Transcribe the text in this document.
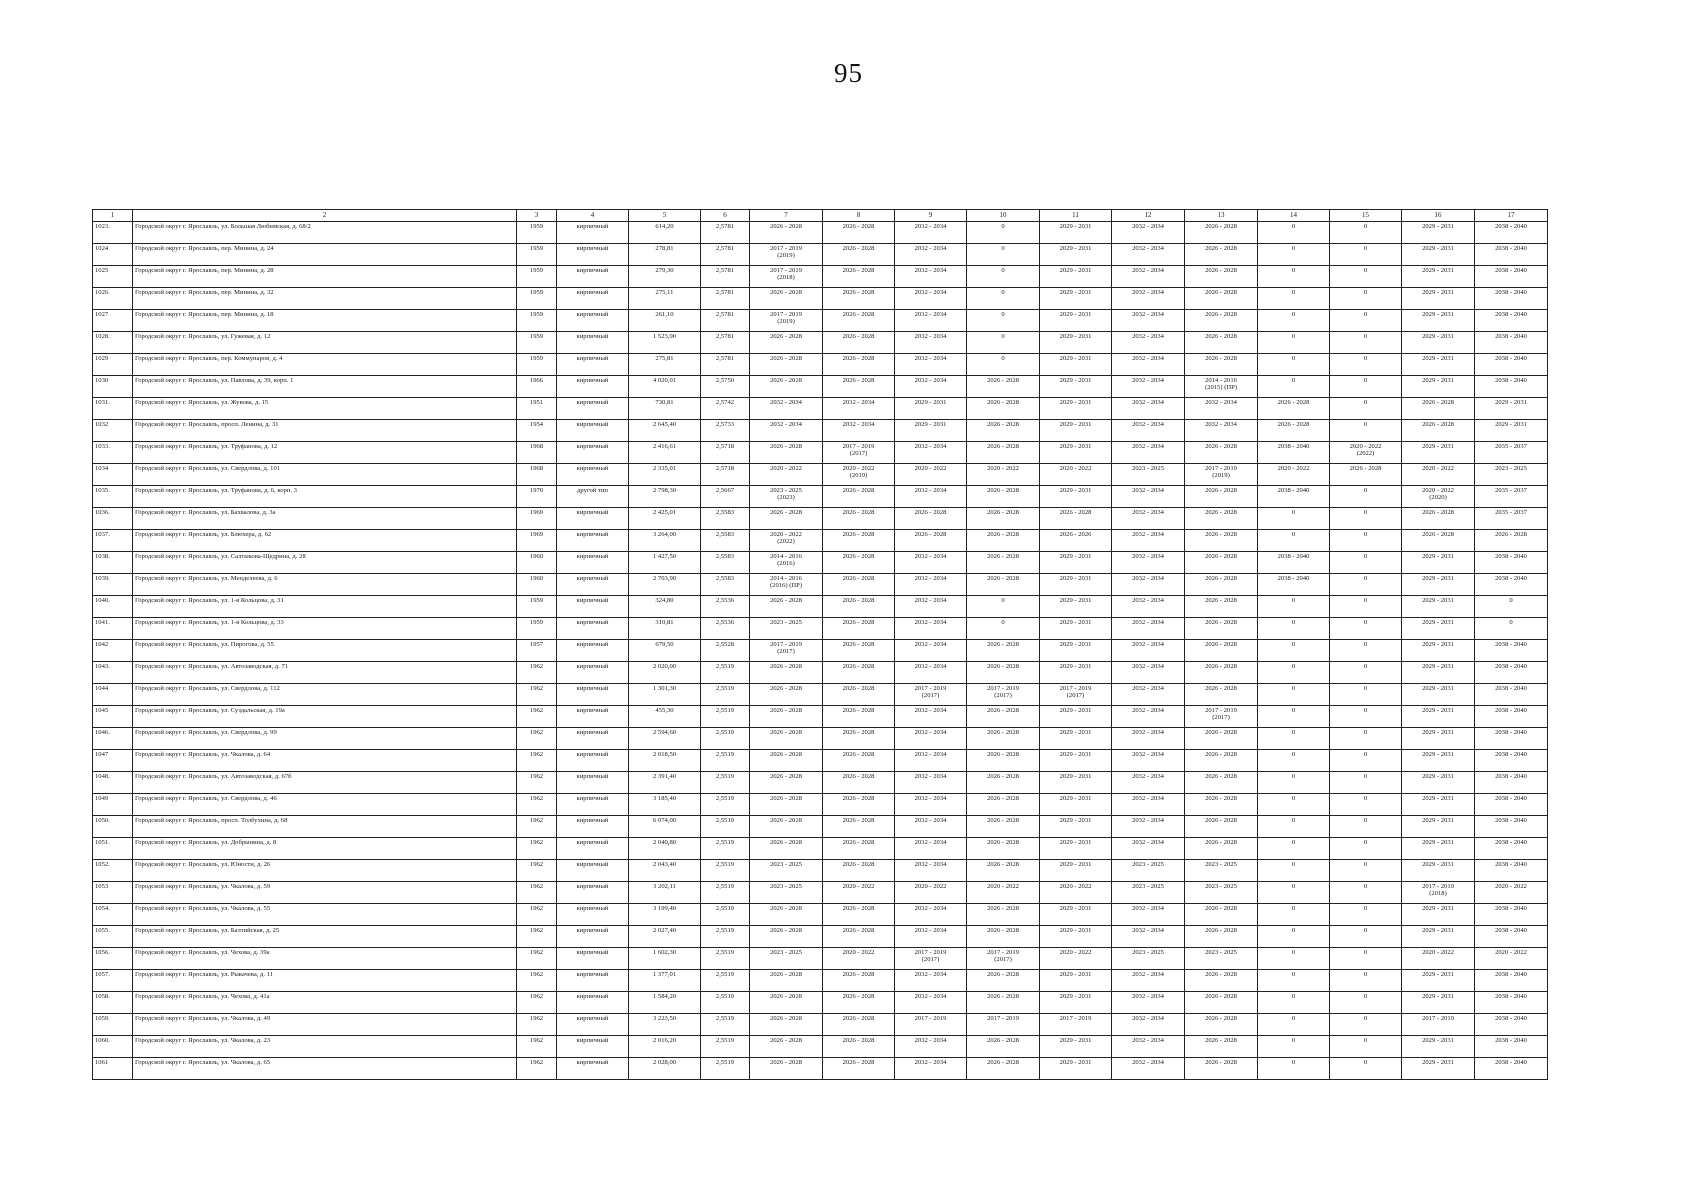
95
1	2	3	4	5	6	7	8	9	10	11	12	13	14	15	16	17
1023.	Городской округ г. Ярославль, ул. Большая Любимская, д. 68/2	1959	кирпичный	614,20	2,5781	2026 - 2028	2026 - 2028	2032 - 2034	0	2029 - 2031	2032 - 2034	2026 - 2028	0	0	2029 - 2031	2038 - 2040
1024	Городской округ г. Ярославль, пер. Минина, д. 24	1959	кирпичный	278,81	2,5781	2017 - 2019
(2019)	2026 - 2028	2032 - 2034	0	2029 - 2031	2032 - 2034	2026 - 2028	0	0	2029 - 2031	2038 - 2040
1025	Городской округ г. Ярославль, пер. Минина, д. 28	1959	кирпичный	279,30	2,5781	2017 - 2019
(2018)	2026 - 2028	2032 - 2034	0	2029 - 2031	2032 - 2034	2026 - 2028	0	0	2029 - 2031	2038 - 2040
1026.	Городской округ г. Ярославль, пер. Минина, д. 32	1959	кирпичный	275,11	2,5781	2026 - 2028	2026 - 2028	2032 - 2034	0	2029 - 2031	2032 - 2034	2026 - 2028	0	0	2029 - 2031	2038 - 2040
1027	Городской округ г. Ярославль, пер. Минина, д. 18	1959	кирпичный	261,10	2,5781	2017 - 2019
(2019)	2026 - 2028	2032 - 2034	0	2029 - 2031	2032 - 2034	2026 - 2028	0	0	2029 - 2031	2038 - 2040
1028.	Городской округ г. Ярославль, ул. Гужевая, д. 12	1959	кирпичный	1 523,90	2,5781	2026 - 2028	2026 - 2028	2032 - 2034	0	2029 - 2031	2032 - 2034	2026 - 2028	0	0	2029 - 2031	2038 - 2040
1029	Городской округ г. Ярославль, пер. Коммунаров, д. 4	1959	кирпичный	275,81	2,5781	2026 - 2028	2026 - 2028	2032 - 2034	0	2029 - 2031	2032 - 2034	2026 - 2028	0	0	2029 - 2031	2038 - 2040
1030	Городской округ г. Ярославль, ул. Павлова, д. 39, корп. 1	1966	кирпичный	4 020,01	2,5750	2026 - 2028	2026 - 2028	2032 - 2034	2026 - 2028	2029 - 2031	2032 - 2034	2014 - 2016
(2015) (ПР)	0	0	2029 - 2031	2038 - 2040
1031.	Городской округ г. Ярославль, ул. Жукова, д. 15	1951	кирпичный	730,81	2,5742	2032 - 2034	2032 - 2034	2029 - 2031	2026 - 2028	2029 - 2031	2032 - 2034	2032 - 2034	2026 - 2028	0	2026 - 2028	2029 - 2031
1032	Городской округ г. Ярославль, просп. Ленина, д. 31	1954	кирпичный	2 645,40	2,5733	2032 - 2034	2032 - 2034	2029 - 2031	2026 - 2028	2029 - 2031	2032 - 2034	2032 - 2034	2026 - 2028	0	2026 - 2028	2029 - 2031
1033.	Городской округ г. Ярославль, ул. Труфанова, д. 12	1968	кирпичный	2 416,61	2,5718	2026 - 2028	2017 - 2019
(2017)	2032 - 2034	2026 - 2028	2029 - 2031	2032 - 2034	2026 - 2028	2038 - 2040	2020 - 2022
(2022)	2029 - 2031	2035 - 2037
1034	Городской округ г. Ярославль, ул. Свердлова, д. 101	1968	кирпичный	2 335,01	2,5718	2020 - 2022	2020 - 2022
(2019)	2020 - 2022	2020 - 2022	2020 - 2022	2023 - 2025	2017 - 2019
(2019)	2020 - 2022	2026 - 2028	2020 - 2022	2023 - 2025
1035.	Городской округ г. Ярославль, ул. Труфанова, д. 6, корп. 3	1970	другой тип	2 798,30	2,5667	2023 - 2025
(2023)	2026 - 2028	2032 - 2034	2026 - 2028	2029 - 2031	2032 - 2034	2026 - 2028	2038 - 2040	0	2020 - 2022
(2020)	2035 - 2037
1036.	Городской округ г. Ярославль, ул. Бахвалова, д. 3а	1969	кирпичный	2 425,01	2,5583	2026 - 2028	2026 - 2028	2026 - 2028	2026 - 2028	2026 - 2028	2032 - 2034	2026 - 2028	0	0	2026 - 2028	2035 - 2037
1037.	Городской округ г. Ярославль, ул. Блюхера, д. 62	1969	кирпичный	3 264,00	2,5583	2020 - 2022
(2022)	2026 - 2028	2026 - 2028	2026 - 2028	2026 - 2026	2032 - 2034	2026 - 2028	0	0	2026 - 2028	2026 - 2028
1038.	Городской округ г. Ярославль, ул. Салтыкова-Щедрина, д. 28	1960	кирпичный	1 427,50	2,5583	2014 - 2016
(2016)	2026 - 2028	2032 - 2034	2026 - 2028	2029 - 2031	2032 - 2034	2026 - 2028	2038 - 2040	0	2029 - 2031	2038 - 2040
1039.	Городской округ г. Ярославль, ул. Менделеева, д. 6	1960	кирпичный	2 703,90	2,5583	2014 - 2016
(2016) (ПР)	2026 - 2028	2032 - 2034	2026 - 2028	2029 - 2031	2032 - 2034	2026 - 2028	2038 - 2040	0	2029 - 2031	2038 - 2040
1040.	Городской округ г. Ярославль, ул. 1-я Кольцова, д. 31	1959	кирпичный	324,80	2,5536	2026 - 2028	2026 - 2028	2032 - 2034	0	2029 - 2031	2032 - 2034	2026 - 2028	0	0	2029 - 2031	0
1041.	Городской округ г. Ярославль, ул. 1-я Кольцова, д. 33	1959	кирпичный	310,81	2,5536	2023 - 2025	2026 - 2028	2032 - 2034	0	2029 - 2031	2032 - 2034	2026 - 2028	0	0	2029 - 2031	0
1042	Городской округ г. Ярославль, ул. Пирогова, д. 55	1957	кирпичный	679,50	2,5528	2017 - 2019
(2017)	2026 - 2028	2032 - 2034	2026 - 2028	2029 - 2031	2032 - 2034	2026 - 2028	0	0	2029 - 2031	2038 - 2040
1043.	Городской округ г. Ярославль, ул. Автозаводская, д. 71	1962	кирпичный	2 020,00	2,5519	2026 - 2028	2026 - 2028	2032 - 2034	2026 - 2028	2029 - 2031	2032 - 2034	2026 - 2028	0	0	2029 - 2031	2038 - 2040
1044	Городской округ г. Ярославль, ул. Свердлова, д. 112	1962	кирпичный	1 301,30	2,5519	2026 - 2028	2026 - 2028	2017 - 2019
(2017)	2017 - 2019
(2017)	2017 - 2019
(2017)	2032 - 2034	2026 - 2028	0	0	2029 - 2031	2038 - 2040
1045	Городской округ г. Ярославль, ул. Суздальская, д. 19а	1962	кирпичный	455,30	2,5519	2026 - 2028	2026 - 2028	2032 - 2034	2026 - 2028	2029 - 2031	2032 - 2034	2017 - 2019
(2017)	0	0	2029 - 2031	2038 - 2040
1046.	Городской округ г. Ярославль, ул. Свердлова, д. 99	1962	кирпичный	2 594,60	2,5519	2026 - 2028	2026 - 2028	2032 - 2034	2026 - 2028	2029 - 2031	2032 - 2034	2026 - 2028	0	0	2029 - 2031	2038 - 2040
1047	Городской округ г. Ярославль, ул. Чкалова, д. 64	1962	кирпичный	2 018,50	2,5519	2026 - 2028	2026 - 2028	2032 - 2034	2026 - 2028	2029 - 2031	2032 - 2034	2026 - 2028	0	0	2029 - 2031	2038 - 2040
1048.	Городской округ г. Ярославль, ул. Автозаводская, д. 67б	1962	кирпичный	2 391,40	2,5519	2026 - 2028	2026 - 2028	2032 - 2034	2026 - 2028	2029 - 2031	2032 - 2034	2026 - 2028	0	0	2029 - 2031	2038 - 2040
1049	Городской округ г. Ярославль, ул. Свердлова, д. 46	1962	кирпичный	3 185,40	2,5519	2026 - 2028	2026 - 2028	2032 - 2034	2026 - 2028	2029 - 2031	2032 - 2034	2026 - 2028	0	0	2029 - 2031	2038 - 2040
1050.	Городской округ г. Ярославль, просп. Толбухина, д. 68	1962	кирпичный	6 074,00	2,5519	2026 - 2028	2026 - 2028	2032 - 2034	2026 - 2028	2029 - 2031	2032 - 2034	2026 - 2028	0	0	2029 - 2031	2038 - 2040
1051.	Городской округ г. Ярославль, ул. Добрынина, д. 8	1962	кирпичный	2 040,80	2,5519	2026 - 2028	2026 - 2028	2032 - 2034	2026 - 2028	2029 - 2031	2032 - 2034	2026 - 2028	0	0	2029 - 2031	2038 - 2040
1052.	Городской округ г. Ярославль, ул. Юности, д. 26	1962	кирпичный	2 043,40	2,5519	2023 - 2025	2026 - 2028	2032 - 2034	2026 - 2028	2029 - 2031	2023 - 2025	2023 - 2025	0	0	2029 - 2031	2038 - 2040
1053	Городской округ г. Ярославль, ул. Чкалова, д. 59	1962	кирпичный	3 202,11	2,5519	2023 - 2025	2020 - 2022	2020 - 2022	2020 - 2022	2020 - 2022	2023 - 2025	2023 - 2025	0	0	2017 - 2019
(2018)	2020 - 2022
1054.	Городской округ г. Ярославль, ул. Чкалова, д. 55	1962	кирпичный	3 199,40	2,5519	2026 - 2028	2026 - 2028	2032 - 2034	2026 - 2028	2029 - 2031	2032 - 2034	2026 - 2028	0	0	2029 - 2031	2038 - 2040
1055.	Городской округ г. Ярославль, ул. Балтийская, д. 25	1962	кирпичный	2 027,40	2,5519	2026 - 2028	2026 - 2028	2032 - 2034	2026 - 2028	2029 - 2031	2032 - 2034	2026 - 2028	0	0	2029 - 2031	2038 - 2040
1056.	Городской округ г. Ярославль, ул. Чехова, д. 39а	1962	кирпичный	1 602,30	2,5519	2023 - 2025	2020 - 2022	2017 - 2019
(2017)	2017 - 2019
(2017)	2020 - 2022	2023 - 2025	2023 - 2025	0	0	2020 - 2022	2020 - 2022
1057.	Городской округ г. Ярославль, ул. Рыкачева, д. 11	1962	кирпичный	1 377,01	2,5519	2026 - 2028	2026 - 2028	2032 - 2034	2026 - 2028	2029 - 2031	2032 - 2034	2026 - 2028	0	0	2029 - 2031	2038 - 2040
1058.	Городской округ г. Ярославль, ул. Чехова, д. 41а	1962	кирпичный	1 584,20	2,5519	2026 - 2028	2026 - 2028	2032 - 2034	2026 - 2028	2029 - 2031	2032 - 2034	2026 - 2028	0	0	2029 - 2031	2038 - 2040
1059.	Городской округ г. Ярославль, ул. Чкалова, д. 49	1962	кирпичный	3 223,50	2,5519	2026 - 2028	2026 - 2028	2017 - 2019	2017 - 2019	2017 - 2019	2032 - 2034	2026 - 2028	0	0	2017 - 2019	2038 - 2040
1060.	Городской округ г. Ярославль, ул. Чкалова, д. 23	1962	кирпичный	2 016,20	2,5519	2026 - 2028	2026 - 2028	2032 - 2034	2026 - 2028	2029 - 2031	2032 - 2034	2026 - 2028	0	0	2029 - 2031	2038 - 2040
1061	Городской округ г. Ярославль, ул. Чкалова, д. 65	1962	кирпичный	2 028,00	2,5519	2026 - 2028	2026 - 2028	2032 - 2034	2026 - 2028	2029 - 2031	2032 - 2034	2026 - 2028	0	0	2029 - 2031	2038 - 2040
